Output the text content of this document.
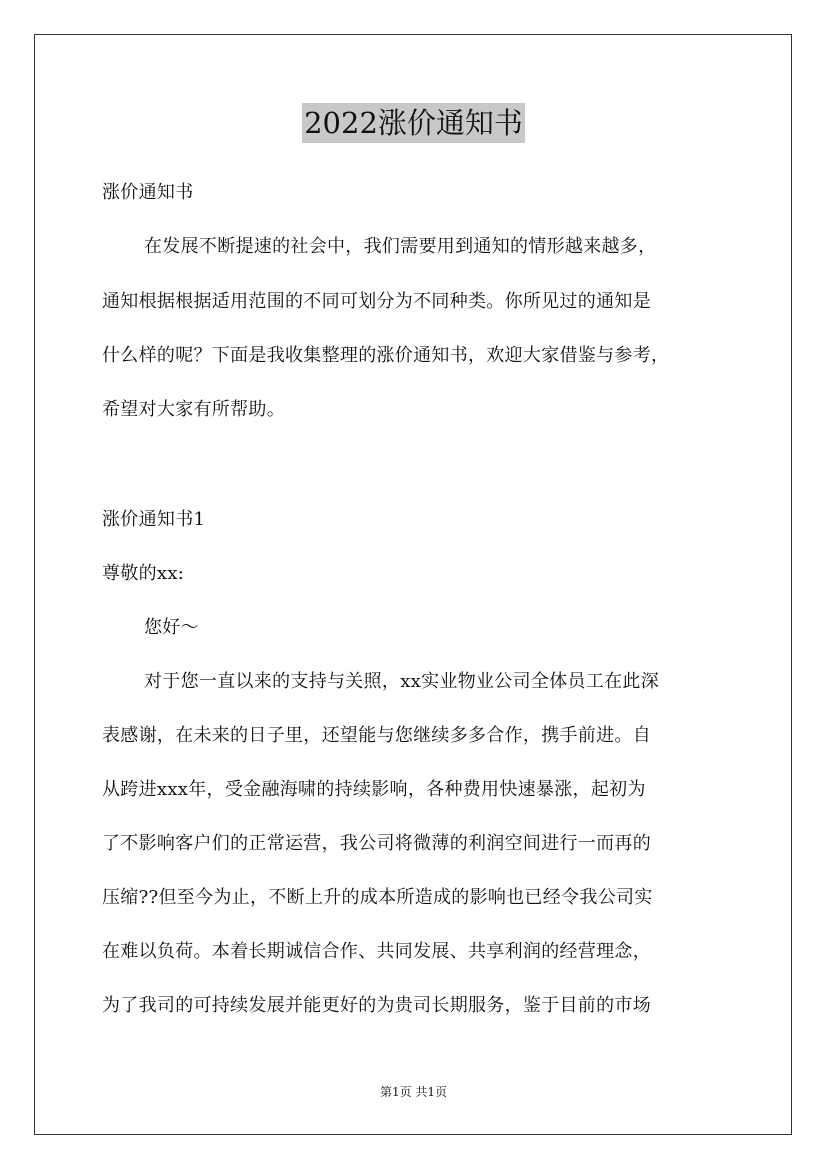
2022涨价通知书
涨价通知书
在发展不断提速的社会中，我们需要用到通知的情形越来越多，
通知根据根据适用范围的不同可划分为不同种类。你所见过的通知是
什么样的呢？下面是我收集整理的涨价通知书，欢迎大家借鉴与参考，
希望对大家有所帮助。
涨价通知书1
尊敬的xx:
您好～
对于您一直以来的支持与关照，xx实业物业公司全体员工在此深
表感谢，在未来的日子里，还望能与您继续多多合作，携手前进。自
从跨进xxx年，受金融海啸的持续影响，各种费用快速暴涨，起初为
了不影响客户们的正常运营，我公司将微薄的利润空间进行一而再的
压缩??但至今为止，不断上升的成本所造成的影响也已经令我公司实
在难以负荷。本着长期诚信合作、共同发展、共享利润的经营理念，
为了我司的可持续发展并能更好的为贵司长期服务，鉴于目前的市场
第1页 共1页
